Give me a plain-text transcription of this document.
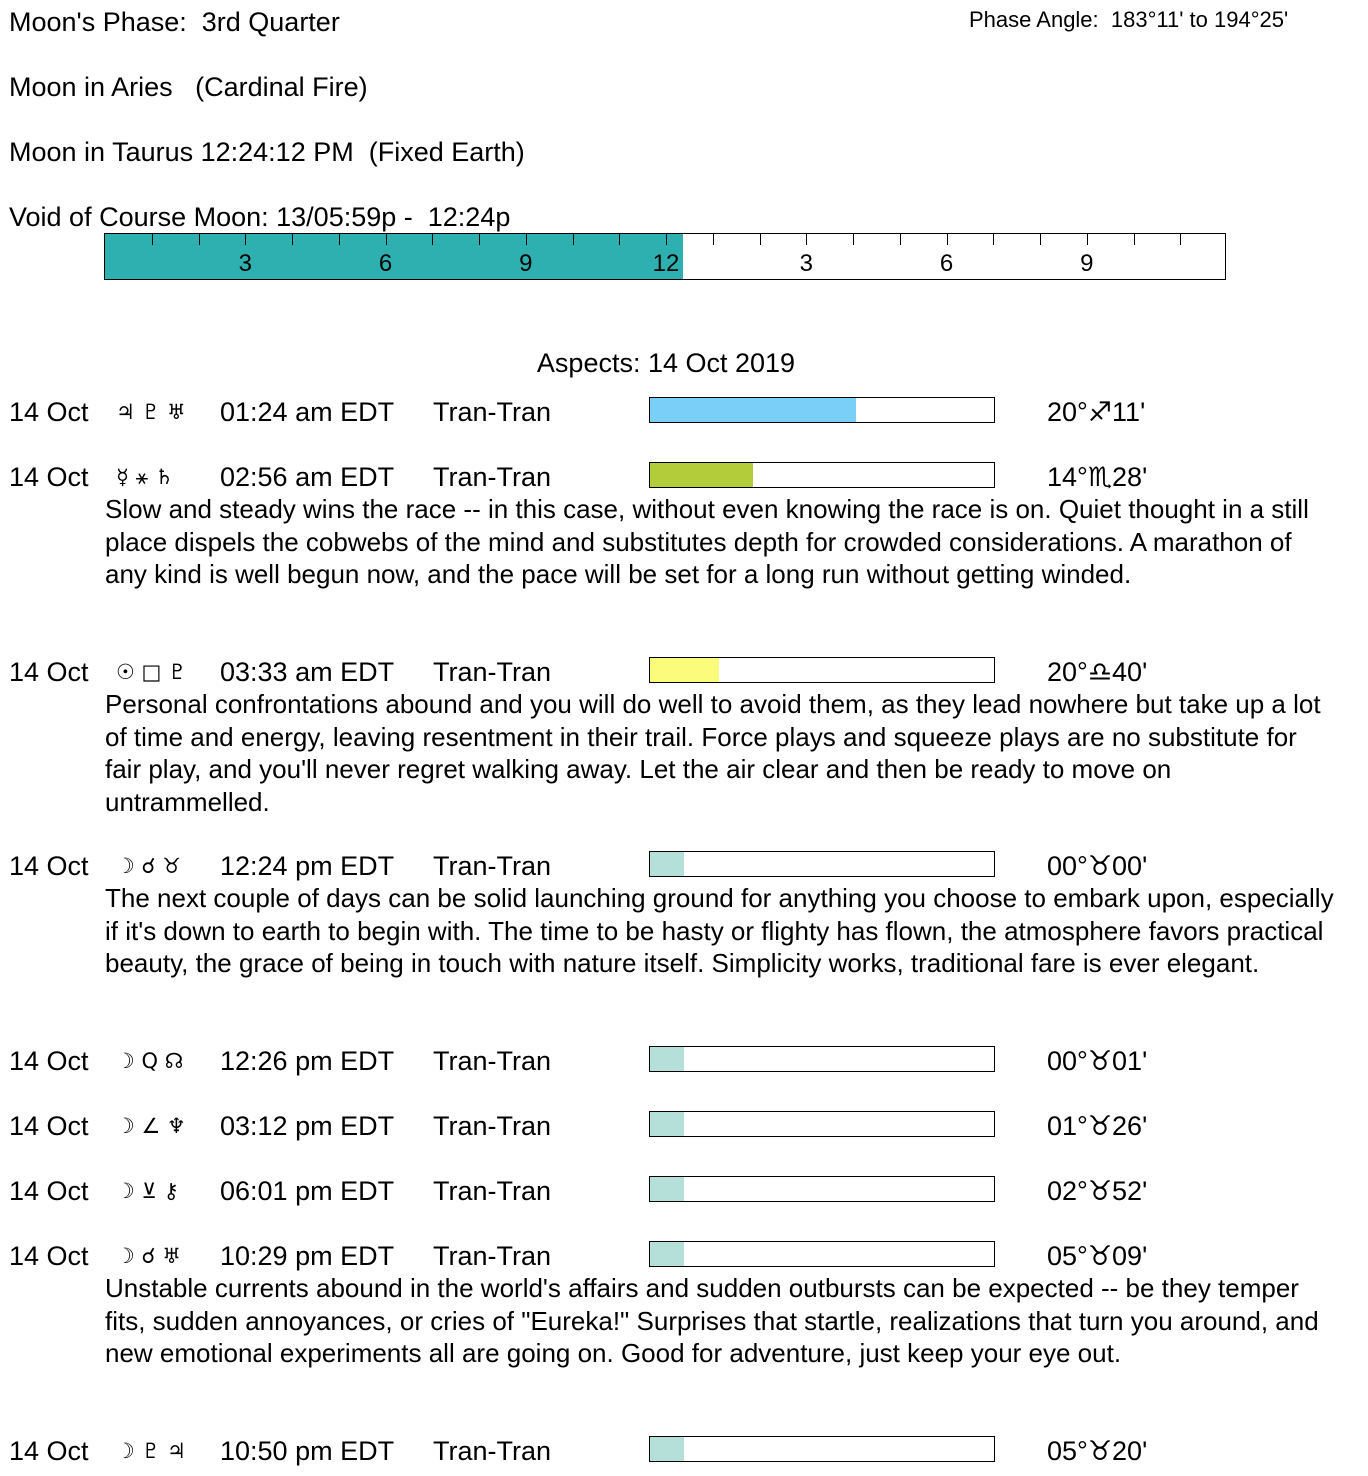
Moon's Phase:  3rd Quarter	Phase Angle:  183°11' to 194°25'
Moon in Aries   (Cardinal Fire)
Moon in Taurus 12:24:12 PM  (Fixed Earth)
Void of Course Moon: 13/05:59p -  12:24p
3	6	9	12	3	6	9
Aspects: 14 Oct 2019
14 Oct ♃ ♇ ♅ 01:24 am EDT Tran-Tran	20°♐11'
14 Oct ☿ ⚹ ♄ 02:56 am EDT Tran-Tran	14°♏28'

Slow and steady wins the race -- in this case, without even knowing the race is on. Quiet thought in a still place dispels the cobwebs of the mind and substitutes depth for crowded considerations. A marathon of any kind is well begun now, and the pace will be set for a long run without getting winded.

14 Oct ☉ □ ♇ 03:33 am EDT Tran-Tran	20°♎40'

Personal confrontations abound and you will do well to avoid them, as they lead nowhere but take up a lot of time and energy, leaving resentment in their trail. Force plays and squeeze plays are no substitute for fair play, and you'll never regret walking away. Let the air clear and then be ready to move on untrammelled.

14 Oct ☽ ☌ ♉ 12:24 pm EDT Tran-Tran	00°♉00'

The next couple of days can be solid launching ground for anything you choose to embark upon, especially if it's down to earth to begin with. The time to be hasty or flighty has flown, the atmosphere favors practical beauty, the grace of being in touch with nature itself. Simplicity works, traditional fare is ever elegant.

14 Oct ☽ Q ☊ 12:26 pm EDT Tran-Tran	00°♉01'
14 Oct ☽ ∠ ♆ 03:12 pm EDT Tran-Tran	01°♉26'
14 Oct ☽ ⊻ ⚷ 06:01 pm EDT Tran-Tran	02°♉52'
14 Oct ☽ ☌ ♅ 10:29 pm EDT Tran-Tran	05°♉09'

Unstable currents abound in the world's affairs and sudden outbursts can be expected -- be they temper fits, sudden annoyances, or cries of "Eureka!" Surprises that startle, realizations that turn you around, and new emotional experiments all are going on. Good for adventure, just keep your eye out.

14 Oct ☽ ♇ ♃ 10:50 pm EDT Tran-Tran	05°♉20'
